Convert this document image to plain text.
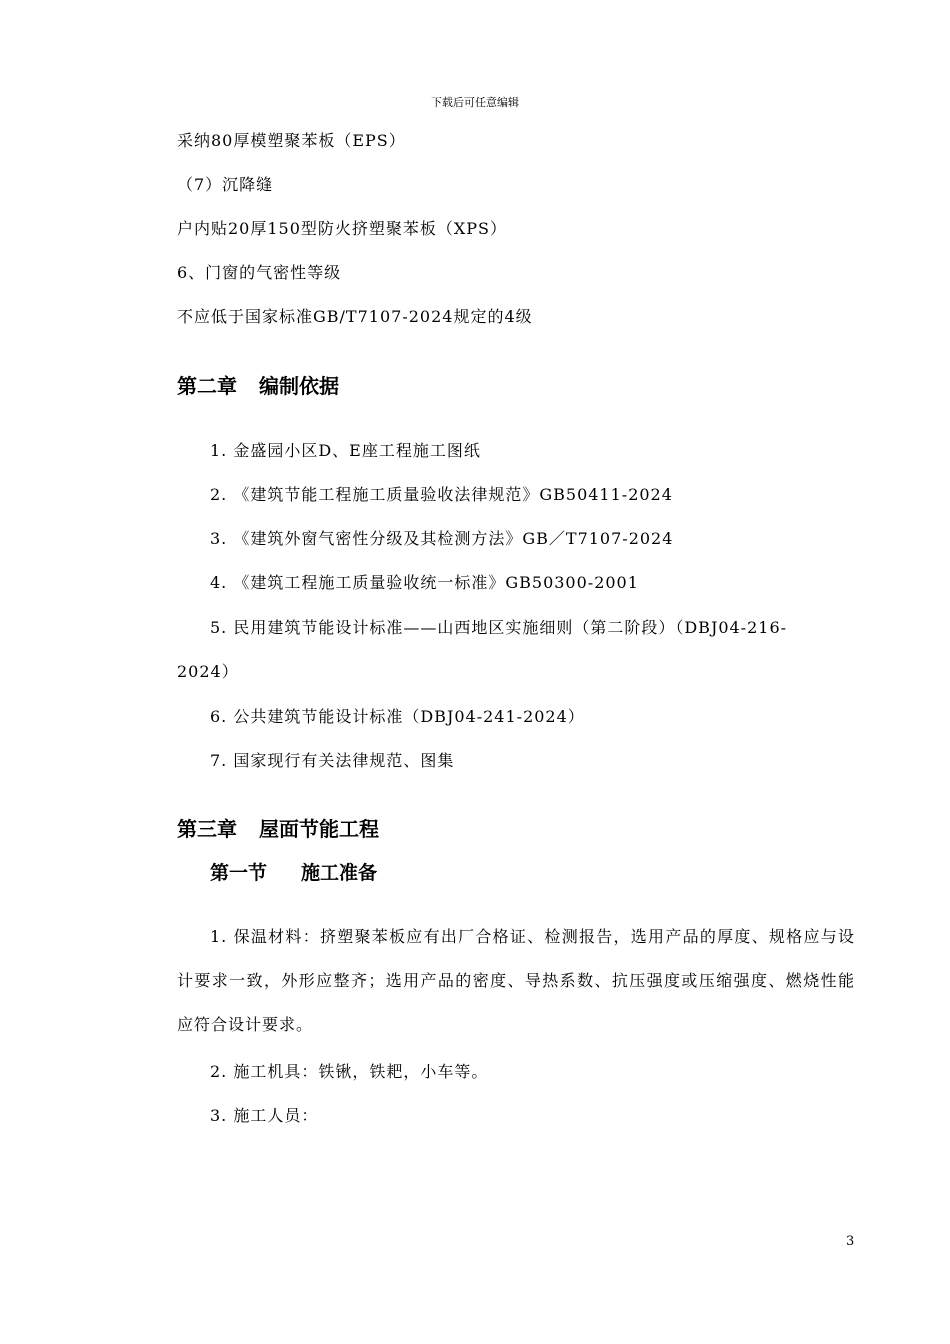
下载后可任意编辑
采纳80厚模塑聚苯板（EPS）
（7）沉降缝
户内贴20厚150型防火挤塑聚苯板（XPS）
6、门窗的气密性等级
不应低于国家标准GB/T7107-2024规定的4级
第二章 编制依据
1. 金盛园小区D、E座工程施工图纸
2. 《建筑节能工程施工质量验收法律规范》GB50411-2024
3. 《建筑外窗气密性分级及其检测方法》GB／T7107-2024
4. 《建筑工程施工质量验收统一标准》GB50300-2001
5. 民用建筑节能设计标准——山西地区实施细则（第二阶段）（DBJ04-216-
2024）
6. 公共建筑节能设计标准（DBJ04-241-2024）
7. 国家现行有关法律规范、图集
第三章 屋面节能工程
第一节 施工准备
1. 保温材料：挤塑聚苯板应有出厂合格证、检测报告，选用产品的厚度、规格应与设计要求一致，外形应整齐；选用产品的密度、导热系数、抗压强度或压缩强度、燃烧性能应符合设计要求。
2. 施工机具：铁锹，铁耙，小车等。
3. 施工人员：
3
